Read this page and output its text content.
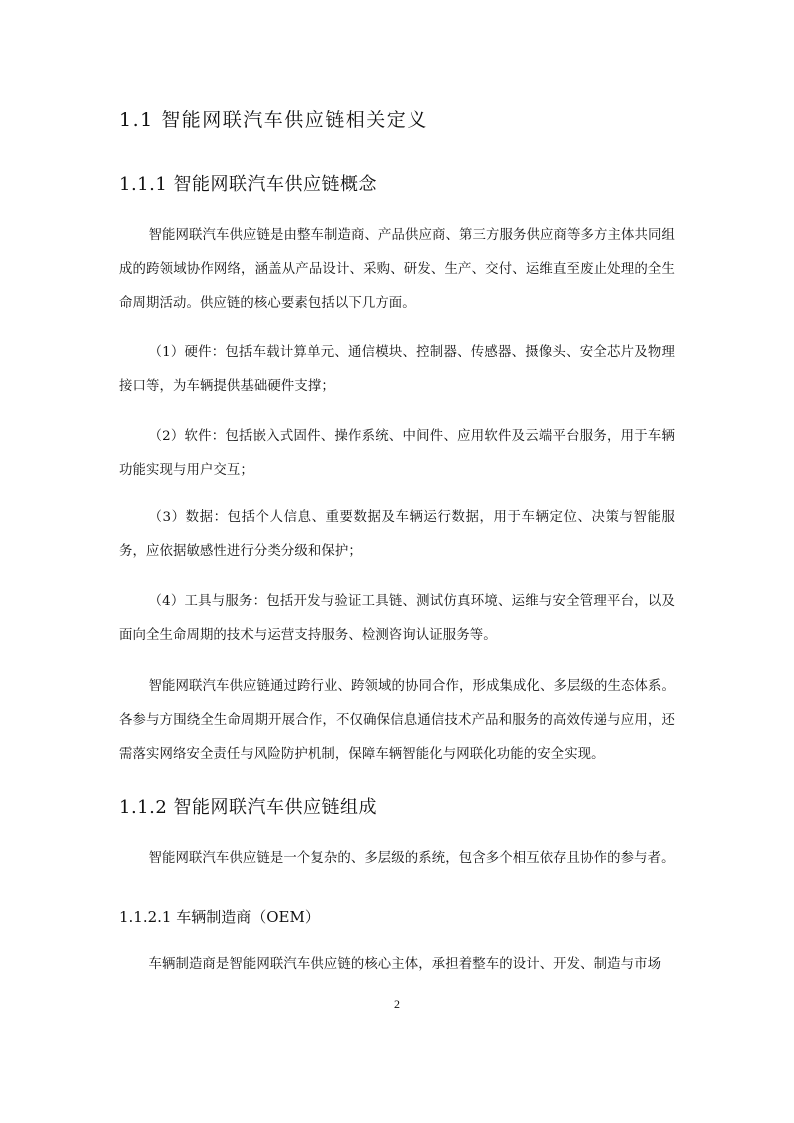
1.1 智能网联汽车供应链相关定义
1.1.1 智能网联汽车供应链概念

智能网联汽车供应链是由整车制造商、产品供应商、第三方服务供应商等多方主体共同组成的跨领域协作网络，涵盖从产品设计、采购、研发、生产、交付、运维直至废止处理的全生命周期活动。供应链的核心要素包括以下几方面。

（1）硬件：包括车载计算单元、通信模块、控制器、传感器、摄像头、安全芯片及物理接口等，为车辆提供基础硬件支撑；

（2）软件：包括嵌入式固件、操作系统、中间件、应用软件及云端平台服务，用于车辆功能实现与用户交互；

（3）数据：包括个人信息、重要数据及车辆运行数据，用于车辆定位、决策与智能服务，应依据敏感性进行分类分级和保护；

（4）工具与服务：包括开发与验证工具链、测试仿真环境、运维与安全管理平台，以及面向全生命周期的技术与运营支持服务、检测咨询认证服务等。

智能网联汽车供应链通过跨行业、跨领域的协同合作，形成集成化、多层级的生态体系。各参与方围绕全生命周期开展合作，不仅确保信息通信技术产品和服务的高效传递与应用，还需落实网络安全责任与风险防护机制，保障车辆智能化与网联化功能的安全实现。

1.1.2 智能网联汽车供应链组成

智能网联汽车供应链是一个复杂的、多层级的系统，包含多个相互依存且协作的参与者。

1.1.2.1 车辆制造商（OEM）

车辆制造商是智能网联汽车供应链的核心主体，承担着整车的设计、开发、制造与市场

2
